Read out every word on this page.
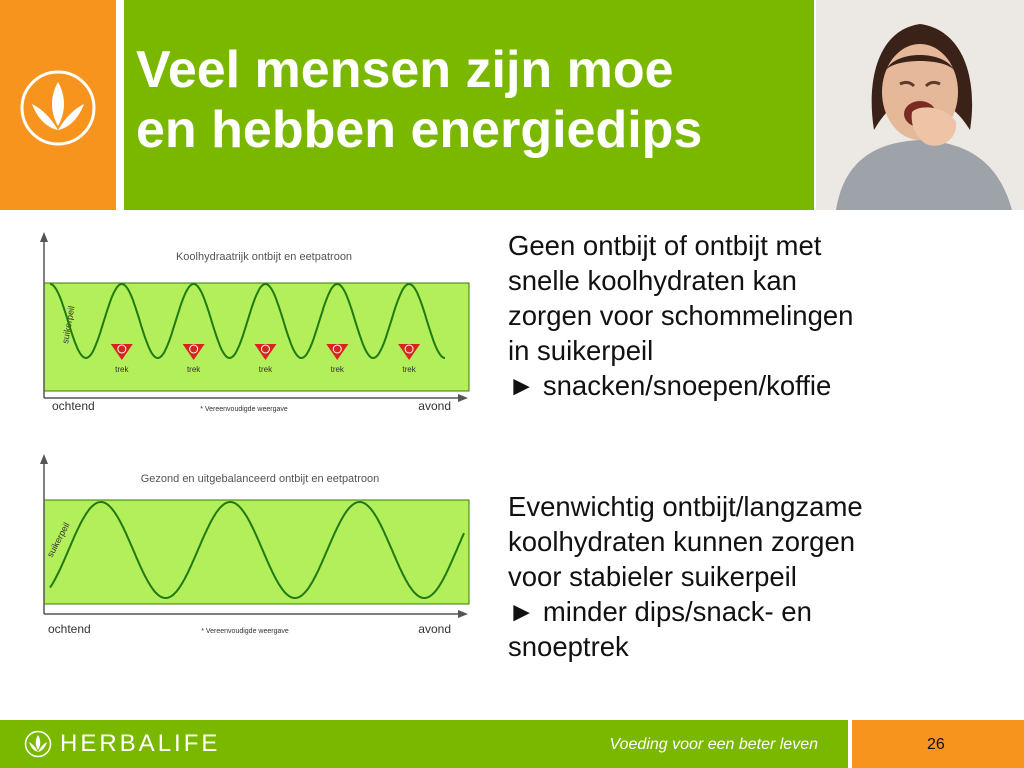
Veel mensen zijn moe
en hebben energiedips
Koolhydraatrijk ontbijt en eetpatroon
suikerpeil
ochtend	avond
* Vereenvoudigde weergave
trek	trek	trek	trek	trek
Gezond en uitgebalanceerd ontbijt en eetpatroon
suikerpeil
ochtend	avond
* Vereenvoudigde weergave

Geen ontbijt of ontbijt met
snelle koolhydraten kan
zorgen voor schommelingen
in suikerpeil
► snacken/snoepen/koffie

Evenwichtig ontbijt/langzame
koolhydraten kunnen zorgen
voor stabieler suikerpeil
► minder dips/snack- en
snoeptrek

HERBALIFE	Voeding voor een beter leven	26
